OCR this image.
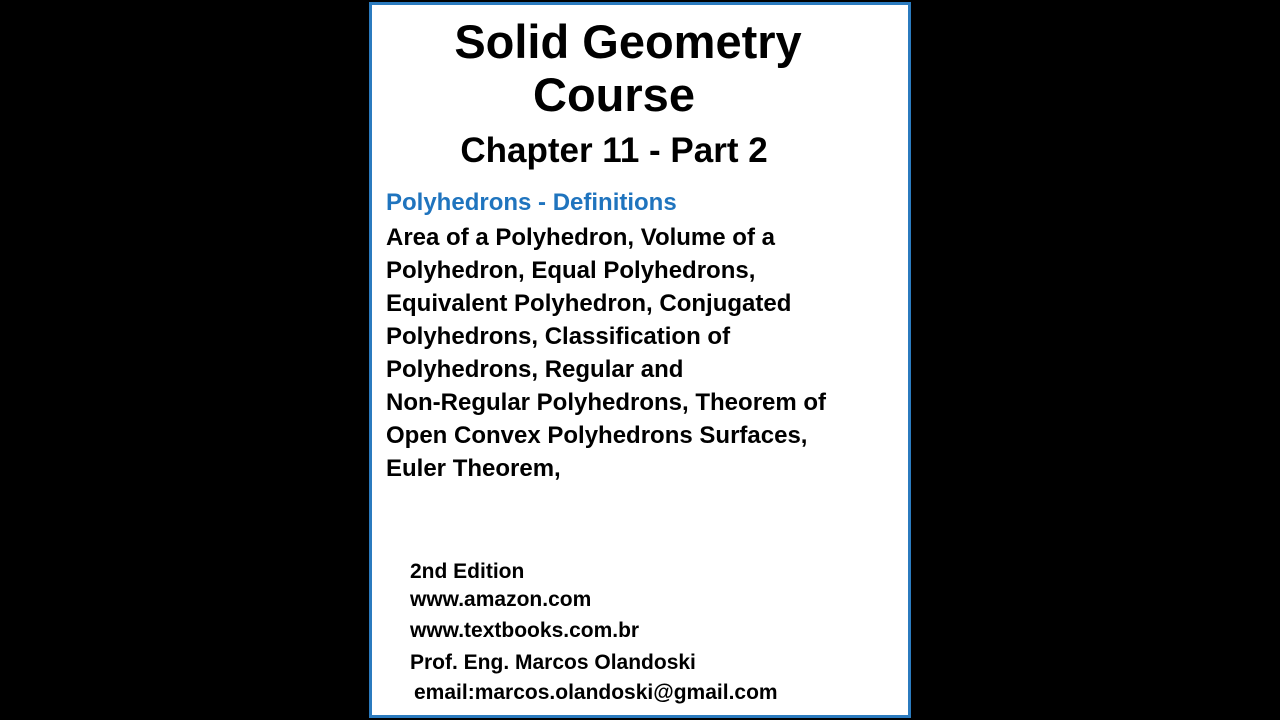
Solid Geometry
Course
Chapter 11 - Part 2
Polyhedrons - Definitions
Area of a Polyhedron, Volume of a
Polyhedron, Equal Polyhedrons,
Equivalent Polyhedron, Conjugated
Polyhedrons, Classification of
Polyhedrons, Regular and
Non-Regular Polyhedrons, Theorem of
Open Convex Polyhedrons Surfaces,
Euler Theorem,
2nd Edition
www.amazon.com
www.textbooks.com.br
Prof. Eng. Marcos Olandoski
email:marcos.olandoski@gmail.com
